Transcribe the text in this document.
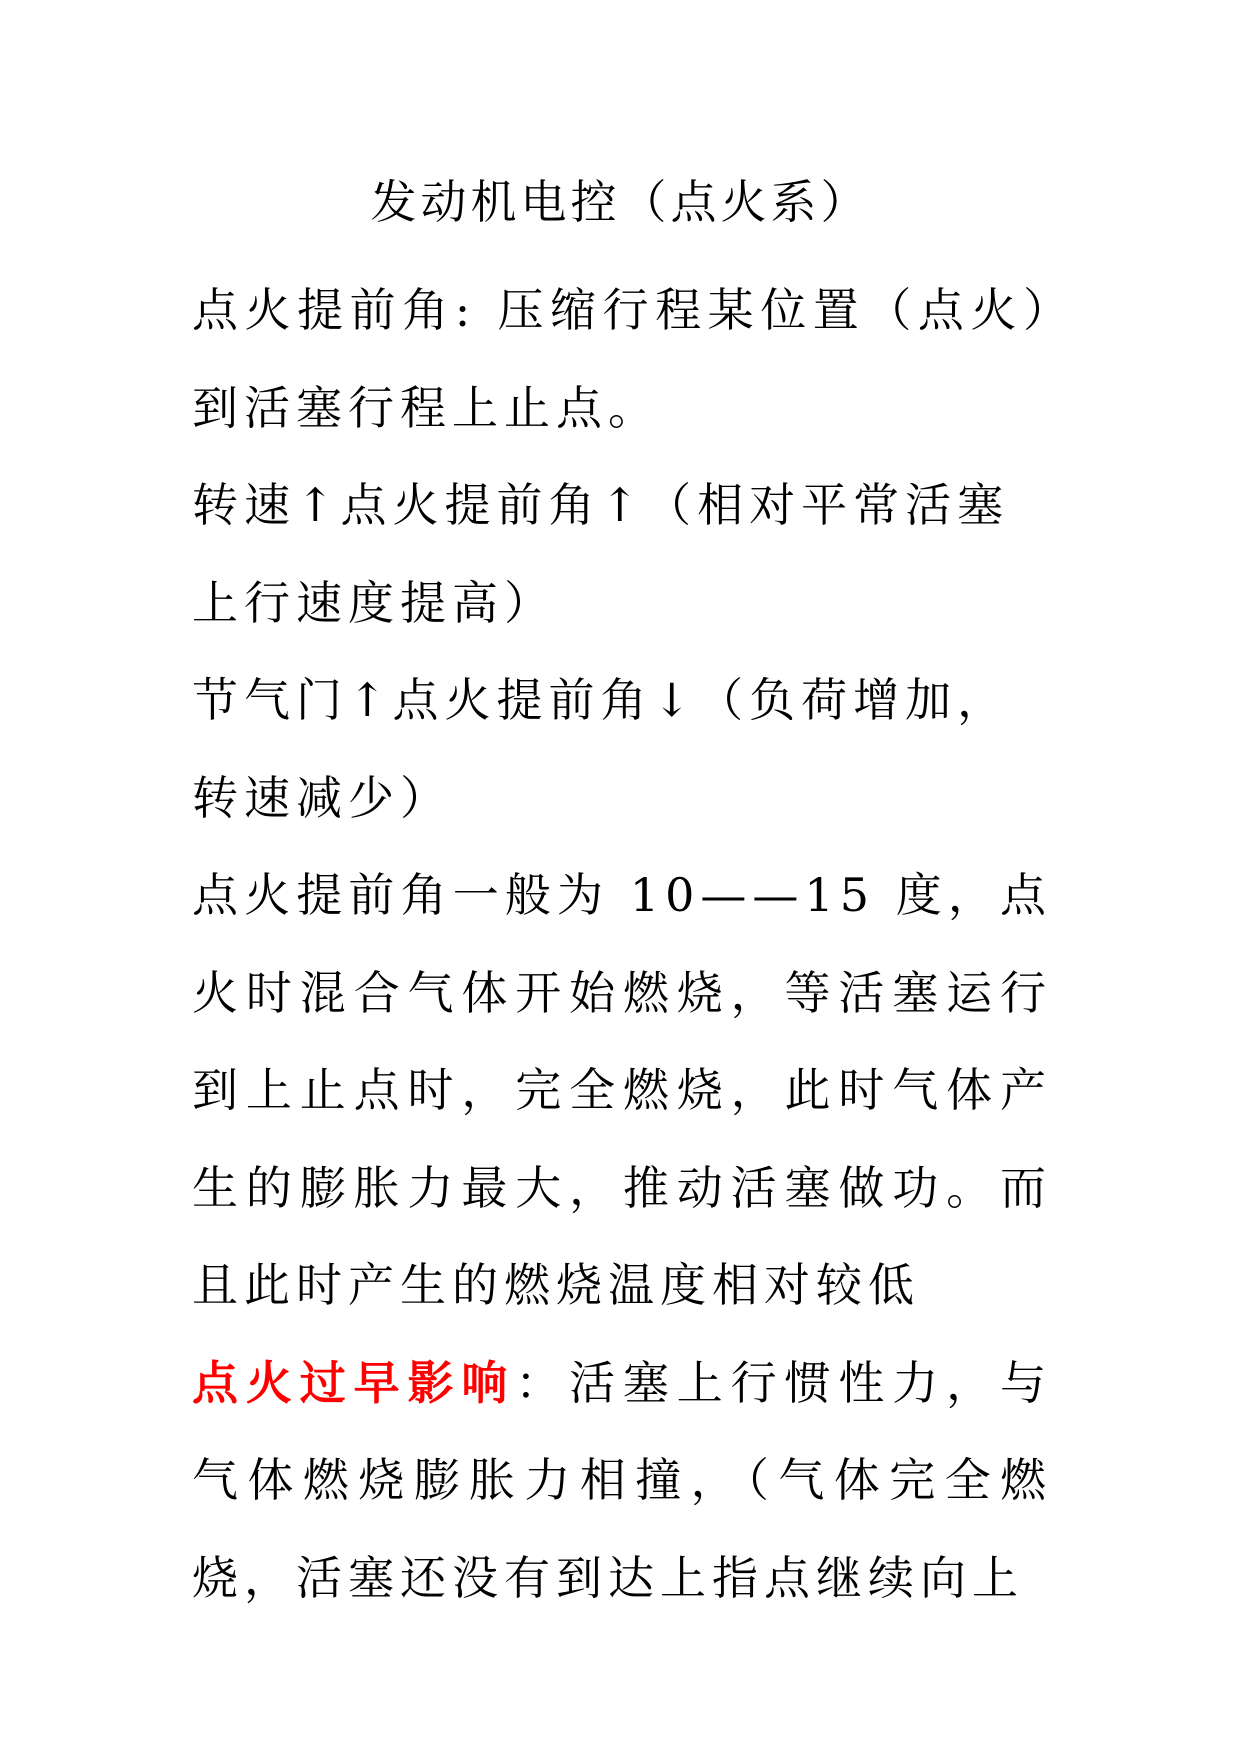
发动机电控（点火系）

点火提前角: 压缩行程某位置（点火）到活塞行程上止点。

转速↑点火提前角↑（相对平常活塞上行速度提高）

节气门↑点火提前角↓（负荷增加，转速减少）

点火提前角一般为 10——15 度，点火时混合气体开始燃烧，等活塞运行到上止点时，完全燃烧，此时气体产生的膨胀力最大，推动活塞做功。而且此时产生的燃烧温度相对较低

点火过早影响：活塞上行惯性力，与气体燃烧膨胀力相撞，（气体完全燃烧，活塞还没有到达上指点继续向上
